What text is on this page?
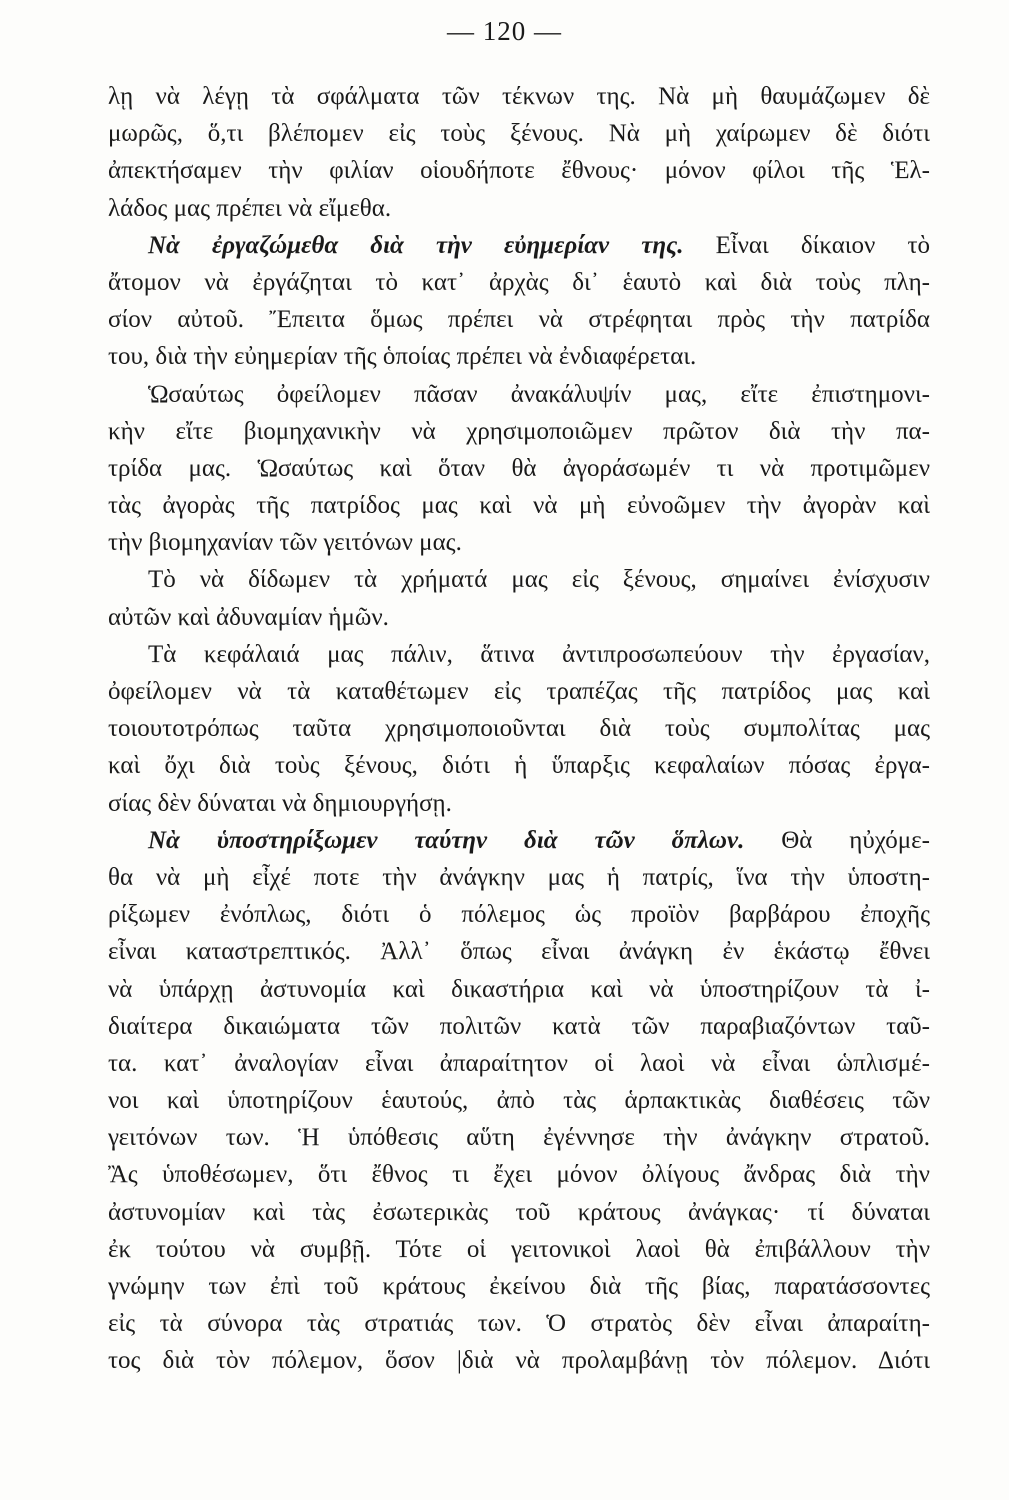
— 120 —
λῃ νὰ λέγῃ τὰ σφάλματα τῶν τέκνων της. Νὰ μὴ θαυμάζωμεν δὲ
μωρῶς, ὅ,τι βλέπομεν εἰς τοὺς ξένους. Νὰ μὴ χαίρωμεν δὲ διότι
ἀπεκτήσαμεν τὴν φιλίαν οἱουδήποτε ἔθνους· μόνον φίλοι τῆς Ἑλ-
λάδος μας πρέπει νὰ εἴμεθα.
Νὰ ἐργαζώμεθα διὰ τὴν εὐημερίαν της. Εἶναι δίκαιον τὸ
ἄτομον νὰ ἐργάζηται τὸ κατ᾽ ἀρχὰς δι᾽ ἑαυτὸ καὶ διὰ τοὺς πλη-
σίον αὐτοῦ. Ἔπειτα ὅμως πρέπει νὰ στρέφηται πρὸς τὴν πατρίδα
του, διὰ τὴν εὐημερίαν τῆς ὁποίας πρέπει νὰ ἐνδιαφέρεται.
Ὡσαύτως ὀφείλομεν πᾶσαν ἀνακάλυψίν μας, εἴτε ἐπιστημονι-
κὴν εἴτε βιομηχανικὴν νὰ χρησιμοποιῶμεν πρῶτον διὰ τὴν πα-
τρίδα μας. Ὡσαύτως καὶ ὅταν θὰ ἀγοράσωμέν τι νὰ προτιμῶμεν
τὰς ἀγορὰς τῆς πατρίδος μας καὶ νὰ μὴ εὐνοῶμεν τὴν ἀγορὰν καὶ
τὴν βιομηχανίαν τῶν γειτόνων μας.
Τὸ νὰ δίδωμεν τὰ χρήματά μας εἰς ξένους, σημαίνει ἐνίσχυσιν
αὐτῶν καὶ ἀδυναμίαν ἡμῶν.
Τὰ κεφάλαιά μας πάλιν, ἅτινα ἀντιπροσωπεύουν τὴν ἐργασίαν,
ὀφείλομεν νὰ τὰ καταθέτωμεν εἰς τραπέζας τῆς πατρίδος μας καὶ
τοιουτοτρόπως ταῦτα χρησιμοποιοῦνται διὰ τοὺς συμπολίτας μας
καὶ ὄχι διὰ τοὺς ξένους, διότι ἡ ὕπαρξις κεφαλαίων πόσας ἐργα-
σίας δὲν δύναται νὰ δημιουργήσῃ.
Νὰ ὑποστηρίξωμεν ταύτην διὰ τῶν ὅπλων. Θὰ ηὐχόμε-
θα νὰ μὴ εἶχέ ποτε τὴν ἀνάγκην μας ἡ πατρίς, ἵνα τὴν ὑποστη-
ρίξωμεν ἐνόπλως, διότι ὁ πόλεμος ὡς προϊὸν βαρβάρου ἐποχῆς
εἶναι καταστρεπτικός. Ἀλλ᾽ ὅπως εἶναι ἀνάγκη ἐν ἑκάστῳ ἔθνει
νὰ ὑπάρχῃ ἀστυνομία καὶ δικαστήρια καὶ νὰ ὑποστηρίζουν τὰ ἰ-
διαίτερα δικαιώματα τῶν πολιτῶν κατὰ τῶν παραβιαζόντων ταῦ-
τα. κατ᾽ ἀναλογίαν εἶναι ἀπαραίτητον οἱ λαοὶ νὰ εἶναι ὡπλισμέ-
νοι καὶ ὑποτηρίζουν ἑαυτούς, ἀπὸ τὰς ἁρπακτικὰς διαθέσεις τῶν
γειτόνων των. Ἡ ὑπόθεσις αὕτη ἐγέννησε τὴν ἀνάγκην στρατοῦ.
Ἂς ὑποθέσωμεν, ὅτι ἔθνος τι ἔχει μόνον ὀλίγους ἄνδρας διὰ τὴν
ἀστυνομίαν καὶ τὰς ἐσωτερικὰς τοῦ κράτους ἀνάγκας· τί δύναται
ἐκ τούτου νὰ συμβῇ. Τότε οἱ γειτονικοὶ λαοὶ θὰ ἐπιβάλλουν τὴν
γνώμην των ἐπὶ τοῦ κράτους ἐκείνου διὰ τῆς βίας, παρατάσσοντες
εἰς τὰ σύνορα τὰς στρατιάς των. Ὁ στρατὸς δὲν εἶναι ἀπαραίτη-
τος διὰ τὸν πόλεμον, ὅσον |διὰ νὰ προλαμβάνῃ τὸν πόλεμον. Διότι
